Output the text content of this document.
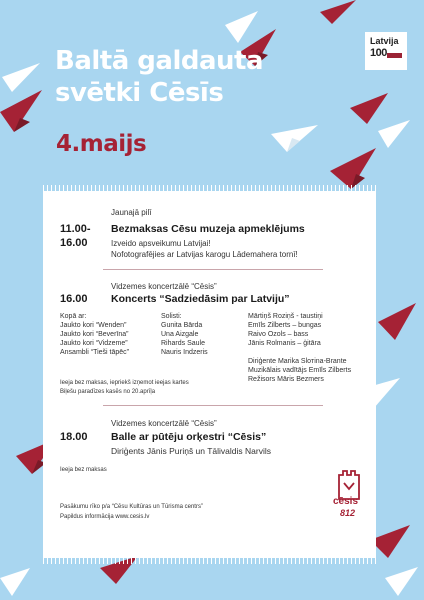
Latvija
100
Baltā galdauta
svētki Cēsīs
4.maijs
Jaunajā pilī
11.00-
16.00
Bezmaksas Cēsu muzeja apmeklējums
Izveido apsveikumu Latvijai!
Nofotografējies ar Latvijas karogu Lādemahera tornī!
Vidzemes koncertzālē “Cēsis”
16.00 Koncerts “Sadziedāsim par Latviju”
Kopā ar:
Jaukto kori “Wenden”
Jaukto kori “Beverīna”
Jaukto kori “Vidzeme”
Ansambli “Tieši tāpēc”
Solisti:
Gunita Bārda
Una Aizgale
Rihards Saule
Nauris Indzeris
Mārtiņš Roziņš - taustiņi
Emīls Zilberts – bungas
Raivo Ozols – bass
Jānis Rolmanis – ģitāra
Diriģente Marika Sloтina-Brante
Muzikālais vadītājs Emīls Zilberts
Režisors Māris Bezmers
Ieeja bez maksas, iepriekš izņemot ieejas kartes
Biļešu paradīzes kasēs no 20.aprīļa
Vidzemes koncertzālē “Cēsis”
18.00 Balle ar pūtēju orķestri “Cēsis”
Diriģents Jānis Puriņš un Tālivaldis Narvils
Ieeja bez maksas
Pasākumu rīko p/a “Cēsu Kultūras un Tūrisma centrs”
Papildus informācija www.cesis.lv
cēsis
812
